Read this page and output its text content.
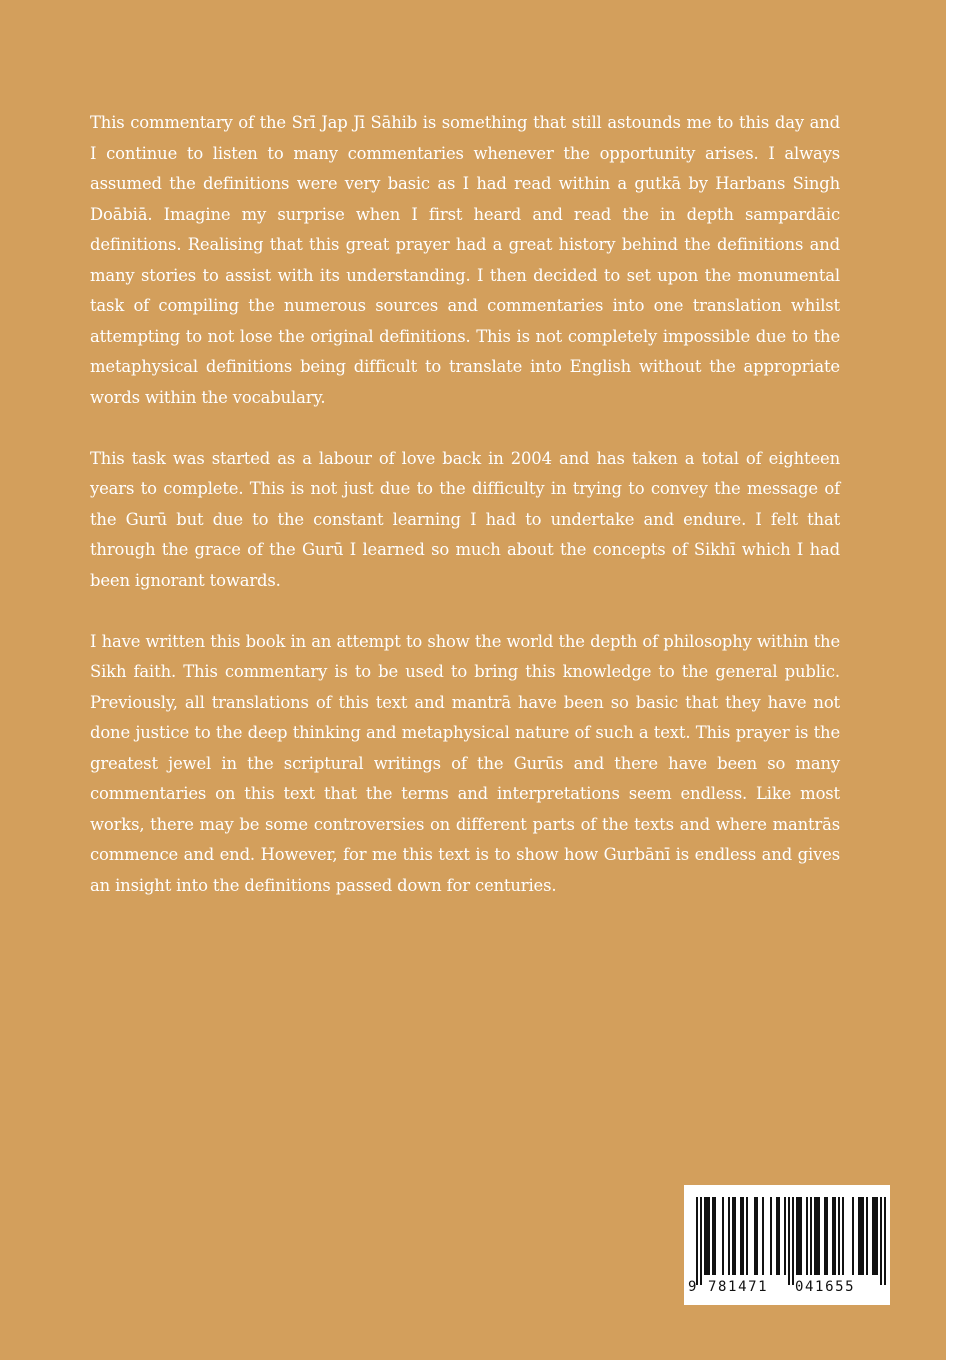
This commentary of the Srī Jap Jī Sāhib is something that still astounds me to this day and I continue to listen to many commentaries whenever the opportunity arises. I always assumed the definitions were very basic as I had read within a gutkā by Harbans Singh Doābiā. Imagine my surprise when I first heard and read the in depth sampardāic definitions. Realising that this great prayer had a great history behind the definitions and many stories to assist with its understanding. I then decided to set upon the monumental task of compiling the numerous sources and commentaries into one translation whilst attempting to not lose the original definitions. This is not completely impossible due to the metaphysical definitions being difficult to translate into English without the appropriate words within the vocabulary.

This task was started as a labour of love back in 2004 and has taken a total of eighteen years to complete. This is not just due to the difficulty in trying to convey the message of the Gurū but due to the constant learning I had to undertake and endure. I felt that through the grace of the Gurū I learned so much about the concepts of Sikhī which I had been ignorant towards.

I have written this book in an attempt to show the world the depth of philosophy within the Sikh faith. This commentary is to be used to bring this knowledge to the general public. Previously, all translations of this text and mantrā have been so basic that they have not done justice to the deep thinking and metaphysical nature of such a text. This prayer is the greatest jewel in the scriptural writings of the Gurūs and there have been so many commentaries on this text that the terms and interpretations seem endless. Like most works, there may be some controversies on different parts of the texts and where mantrās commence and end. However, for me this text is to show how Gurbānī is endless and gives an insight into the definitions passed down for centuries.

9 781471 041655
